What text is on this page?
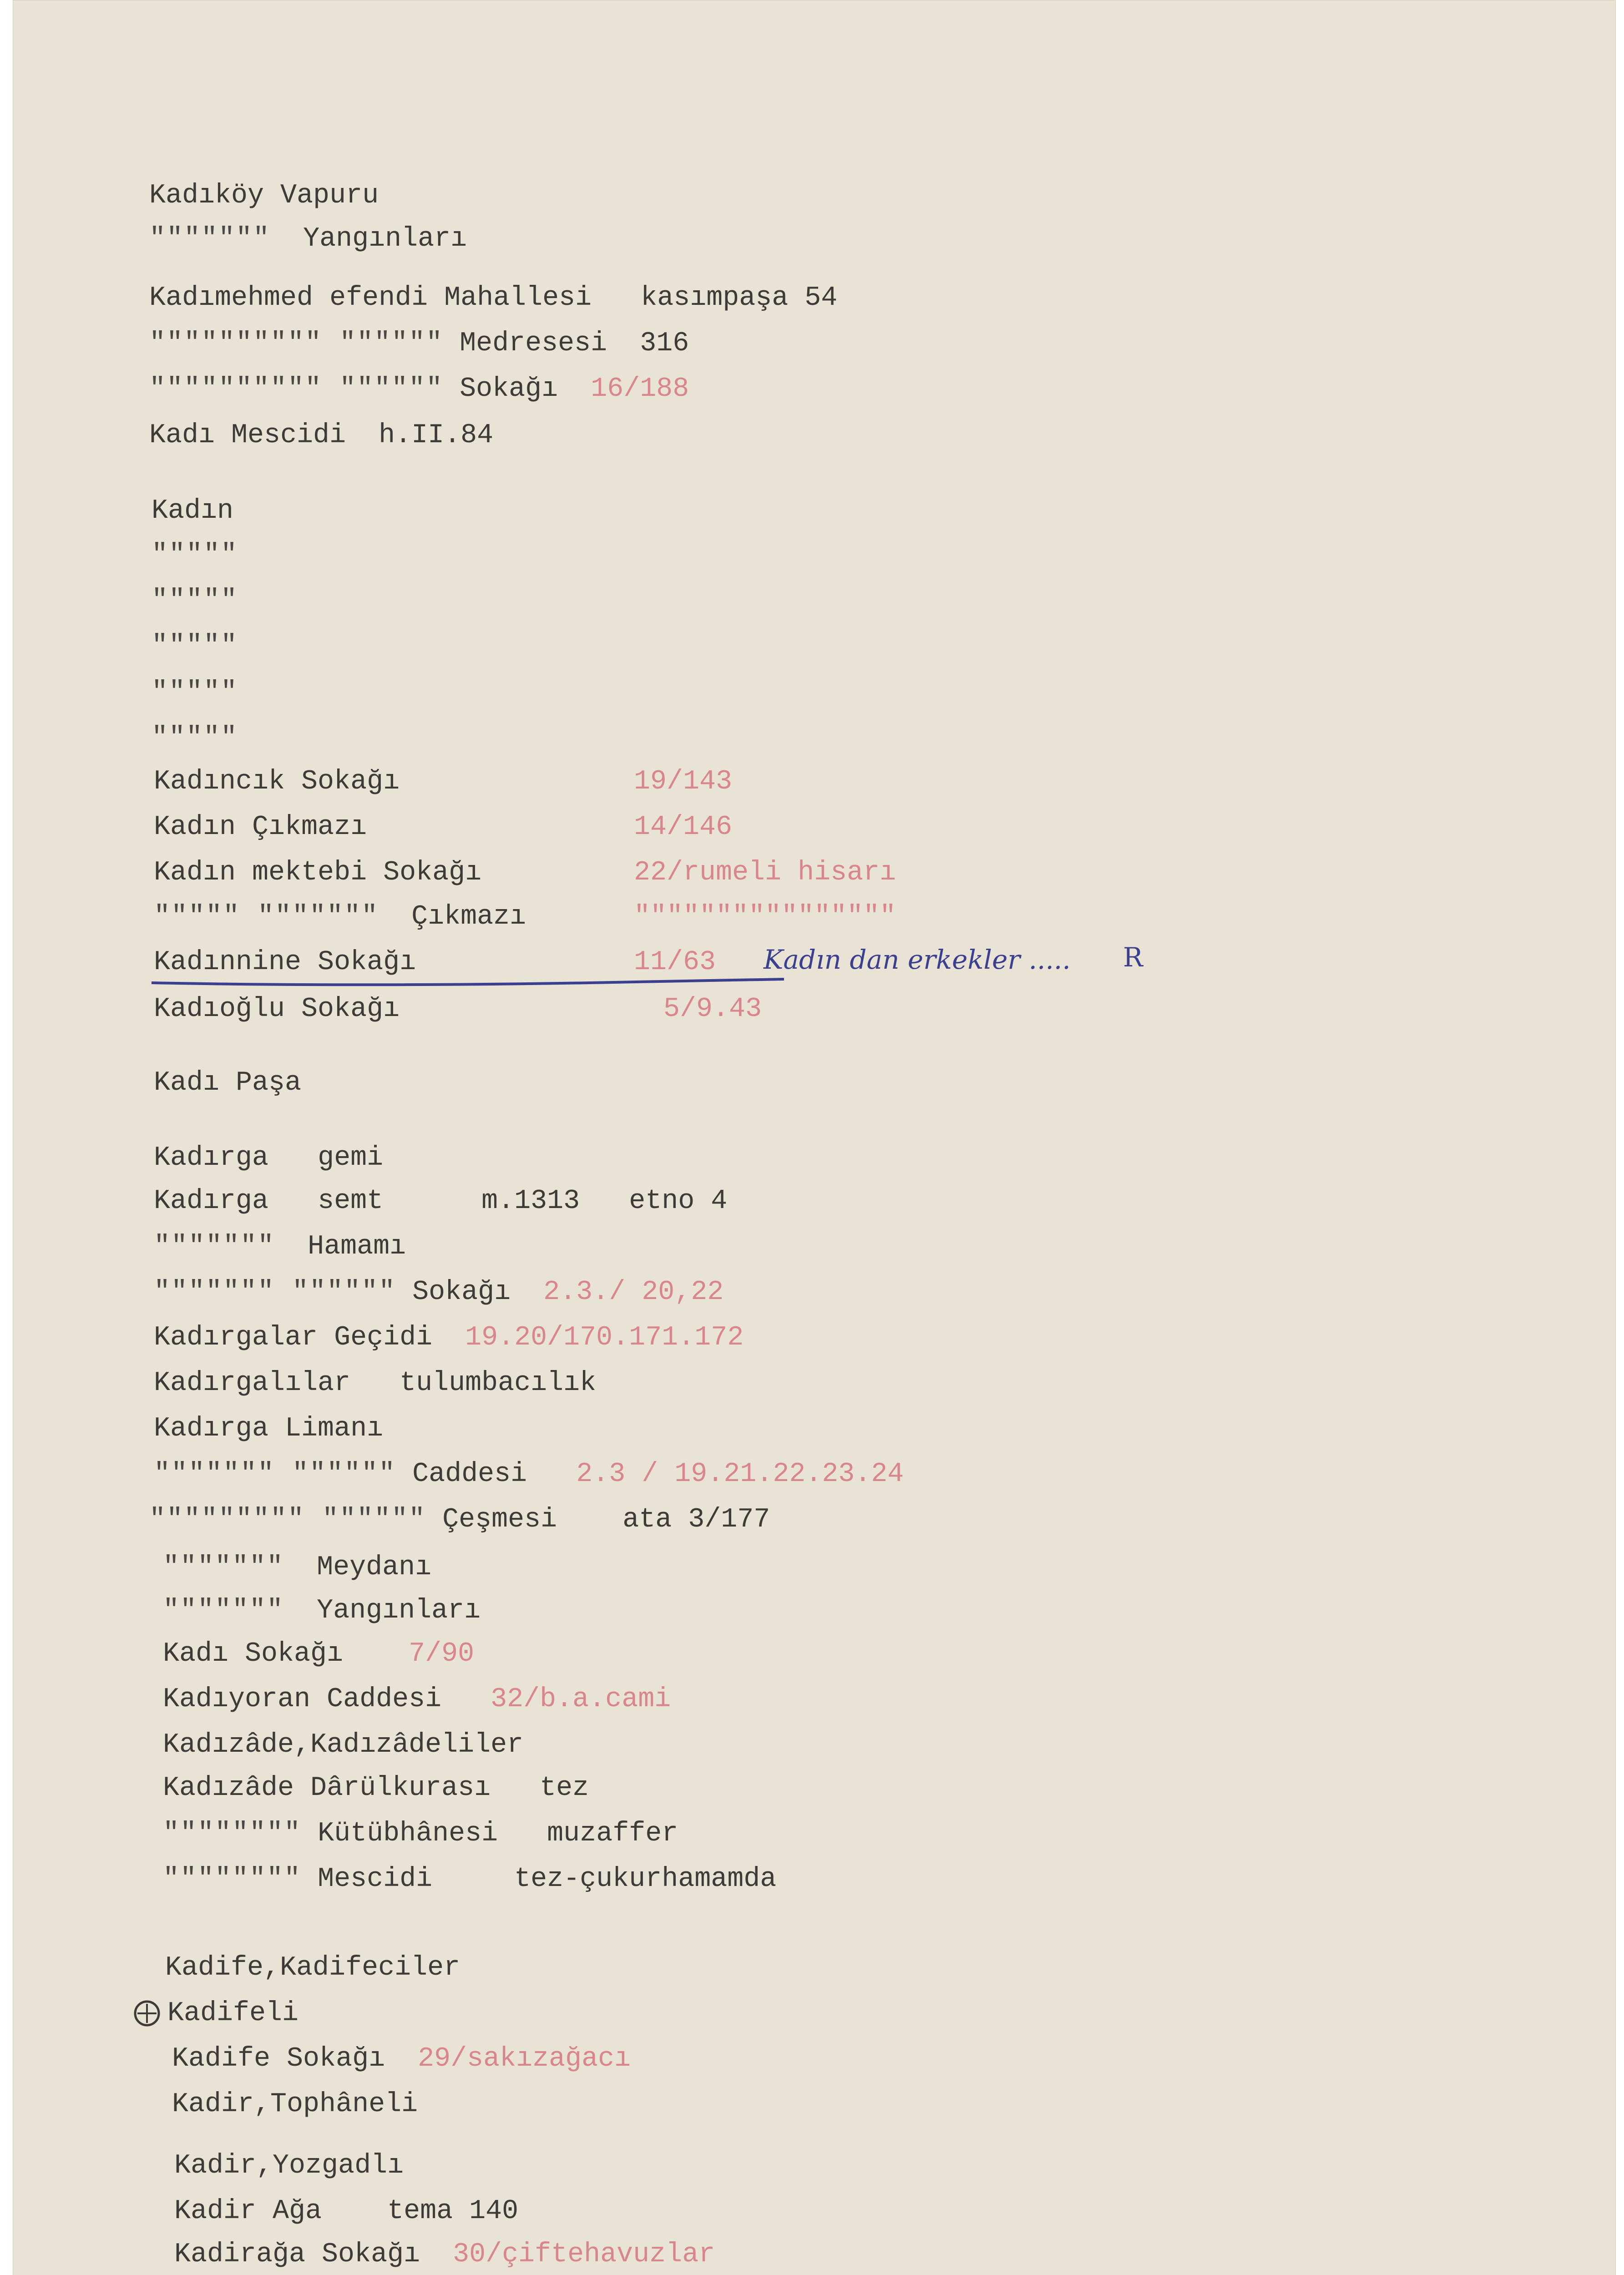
Kadıköy Vapuru
""""""" Yangınları
Kadımehmed efendi Mahallesi kasımpaşa 54
"""""""""" """""" Medresesi 316
"""""""""" """""" Sokağı 16/188
Kadı Mescidi h.II.84
Kadın
"""""
"""""
"""""
"""""
"""""
Kadıncık Sokağı	19/143
Kadın Çıkmazı	14/146
Kadın mektebi Sokağı	22/rumeli hisarı
""""" """"""" Çıkmazı	""""""""""""""""
Kadınnine Sokağı	11/63
Kadıoğlu Sokağı	5/9.43
Kadın dan erkekler ..... R
Kadı Paşa
Kadırga gemi
Kadırga semt	m.1313 etno 4
""""""" Hamamı
""""""" """""" Sokağı 2.3./ 20,22
Kadırgalar Geçidi 19.20/170.171.172
Kadırgalılar tulumbacılık
Kadırga Limanı
""""""" """""" Caddesi 2.3 / 19.21.22.23.24
""""""""" """""" Çeşmesi ata 3/177
""""""" Meydanı
""""""" Yangınları
Kadı Sokağı 7/90
Kadıyoran Caddesi 32/b.a.cami
Kadızâde,Kadızâdeliler
Kadızâde Dârülkurası tez
"""""""" Kütübhânesi muzaffer
"""""""" Mescidi	tez-çukurhamamda
Kadife,Kadifeciler
Kadifeli
Kadife Sokağı 29/sakızağacı
Kadir,Tophâneli
Kadir,Yozgadlı
Kadir Ağa tema 140
Kadirağa Sokağı 30/çiftehavuzlar
